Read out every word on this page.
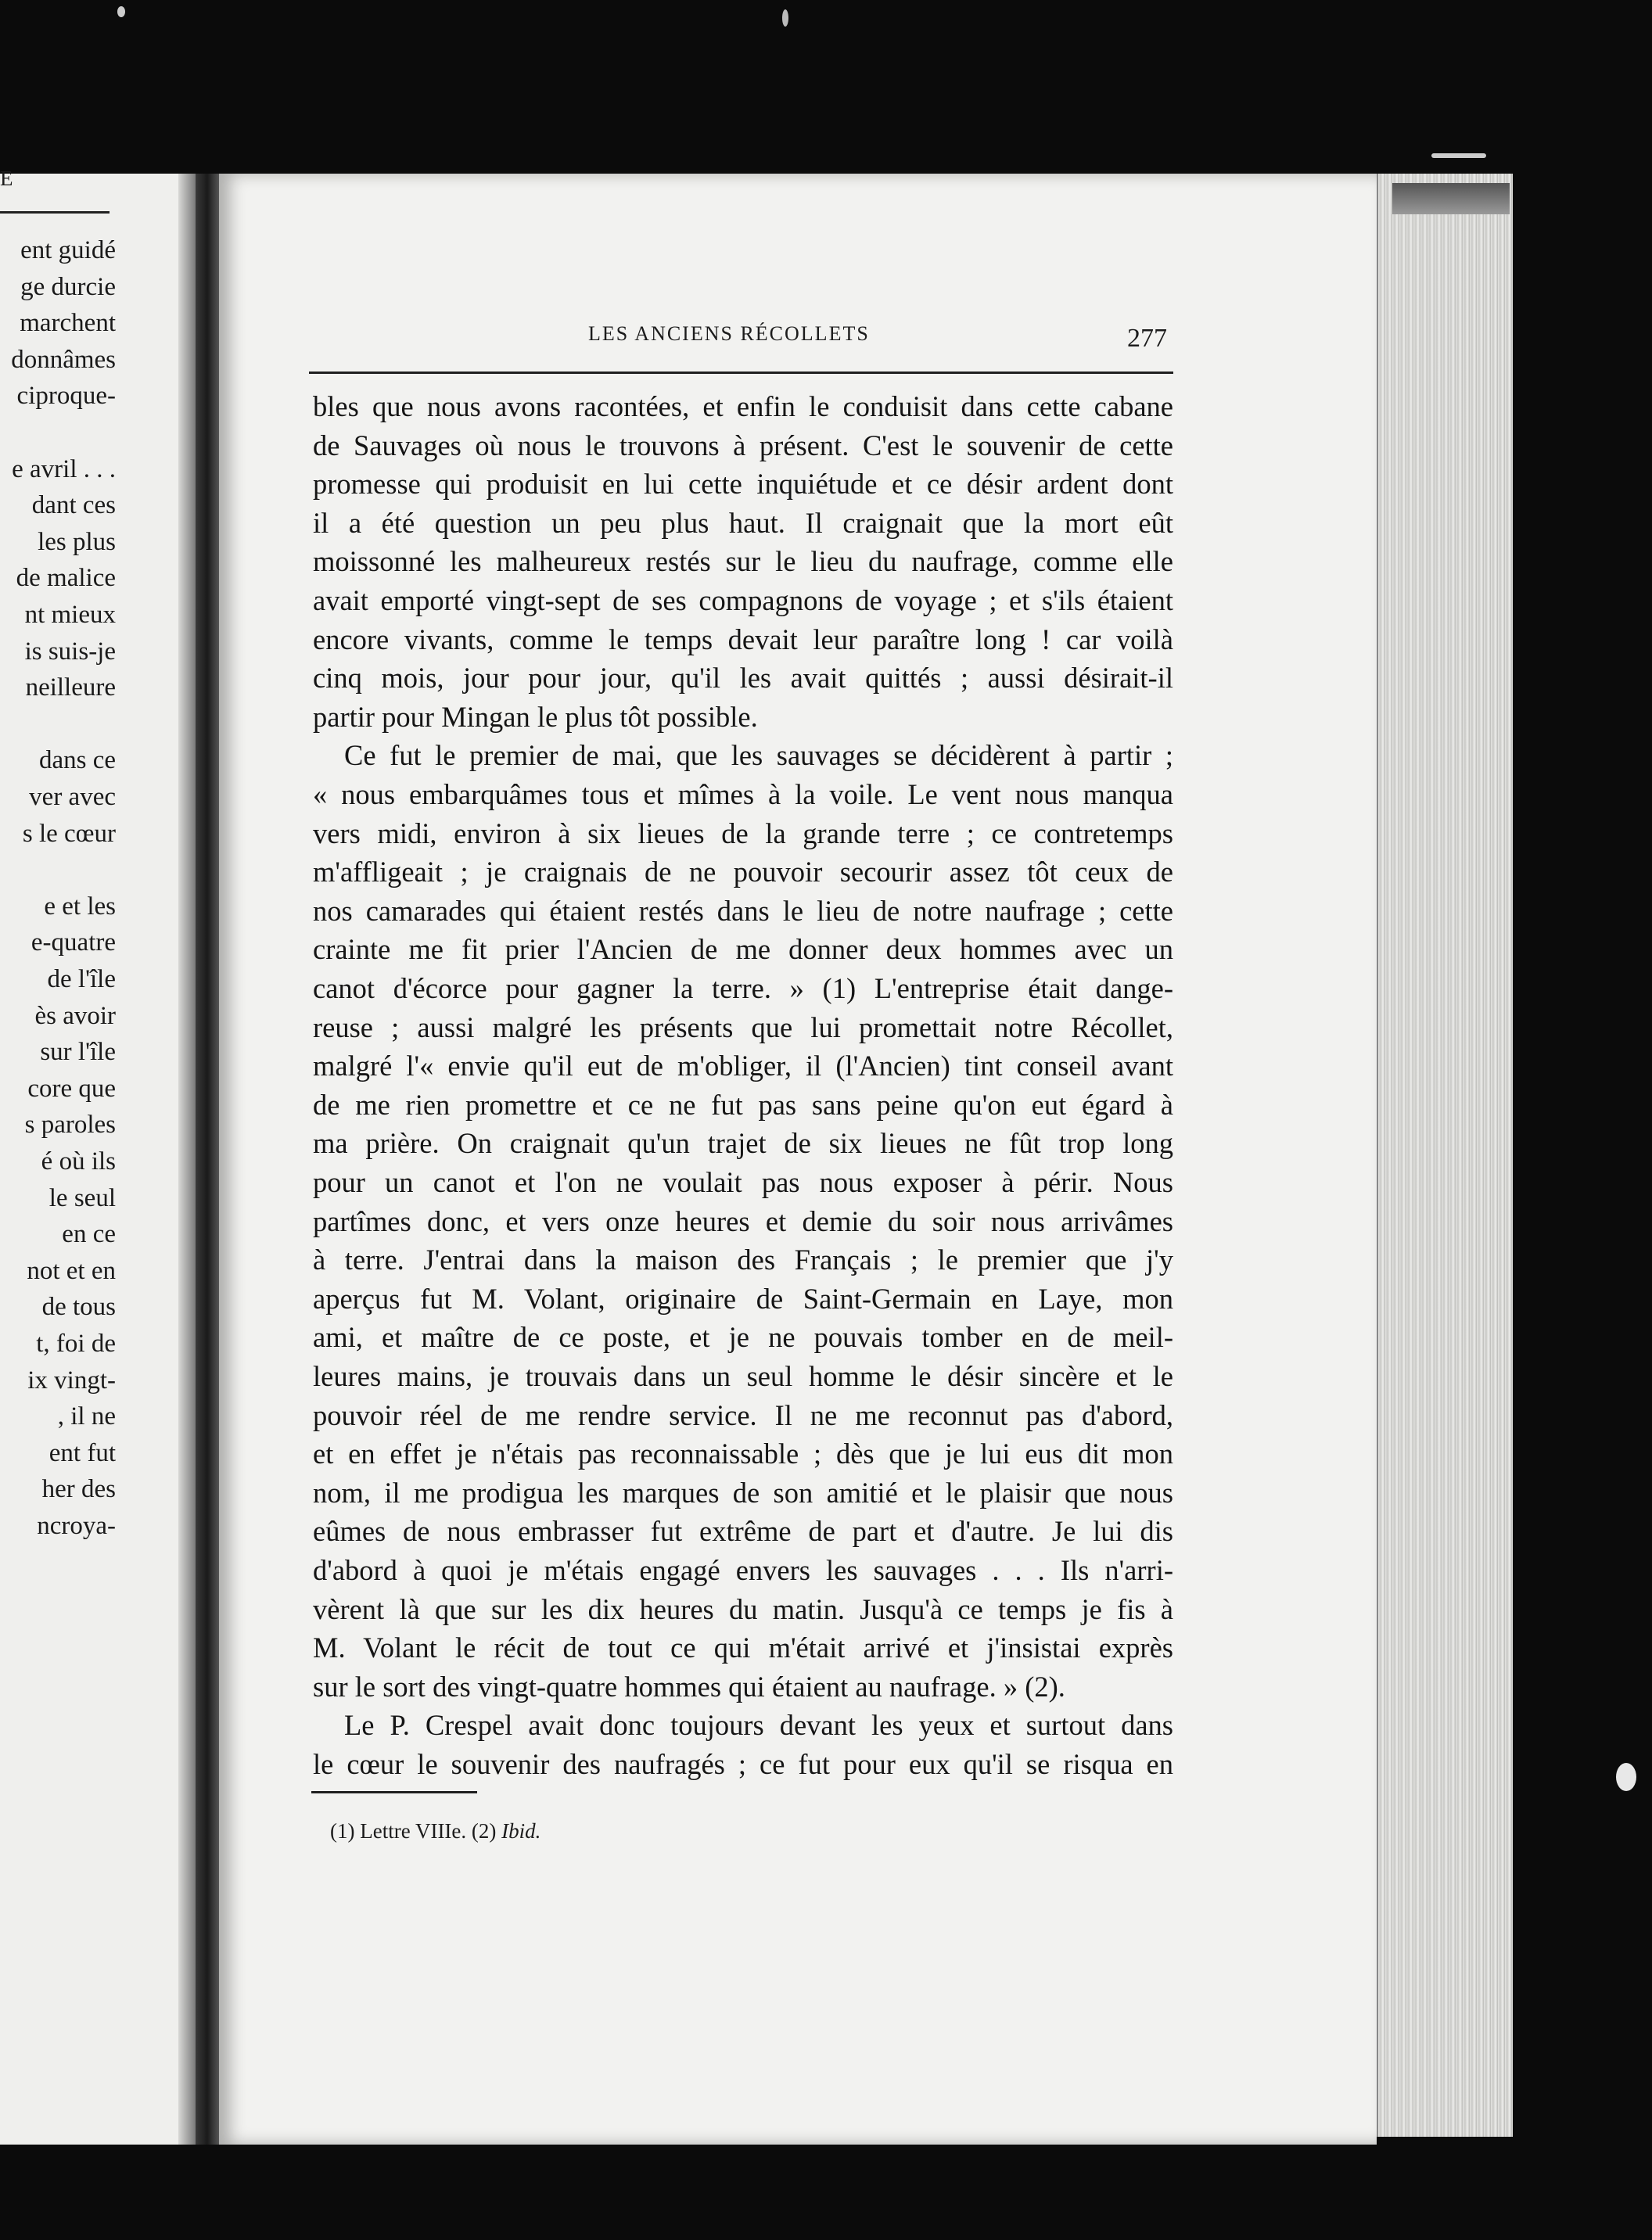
E
ent guidé
ge durcie
marchent
donnâmes
ciproque-
e avril . . .
dant ces
les plus
de malice
nt mieux
is suis-je
neilleure
dans ce
ver avec
s le cœur
e et les
e-quatre
de l'île
ès avoir
sur l'île
core que
s paroles
é où ils
le seul
en ce
not et en
de tous
t, foi de
ix vingt-
, il ne
ent fut
her des
ncroya-
LES ANCIENS RÉCOLLETS	277
bles que nous avons racontées, et enfin le conduisit dans cette cabane
de Sauvages où nous le trouvons à présent. C'est le souvenir de cette
promesse qui produisit en lui cette inquiétude et ce désir ardent dont
il a été question un peu plus haut. Il craignait que la mort eût
moissonné les malheureux restés sur le lieu du naufrage, comme elle
avait emporté vingt-sept de ses compagnons de voyage ; et s'ils étaient
encore vivants, comme le temps devait leur paraître long ! car voilà
cinq mois, jour pour jour, qu'il les avait quittés ; aussi désirait-il
partir pour Mingan le plus tôt possible.
Ce fut le premier de mai, que les sauvages se décidèrent à partir ;
« nous embarquâmes tous et mîmes à la voile. Le vent nous manqua
vers midi, environ à six lieues de la grande terre ; ce contretemps
m'affligeait ; je craignais de ne pouvoir secourir assez tôt ceux de
nos camarades qui étaient restés dans le lieu de notre naufrage ; cette
crainte me fit prier l'Ancien de me donner deux hommes avec un
canot d'écorce pour gagner la terre. » (1) L'entreprise était dange-
reuse ; aussi malgré les présents que lui promettait notre Récollet,
malgré l'« envie qu'il eut de m'obliger, il (l'Ancien) tint conseil avant
de me rien promettre et ce ne fut pas sans peine qu'on eut égard à
ma prière. On craignait qu'un trajet de six lieues ne fût trop long
pour un canot et l'on ne voulait pas nous exposer à périr. Nous
partîmes donc, et vers onze heures et demie du soir nous arrivâmes
à terre. J'entrai dans la maison des Français ; le premier que j'y
aperçus fut M. Volant, originaire de Saint-Germain en Laye, mon
ami, et maître de ce poste, et je ne pouvais tomber en de meil-
leures mains, je trouvais dans un seul homme le désir sincère et le
pouvoir réel de me rendre service. Il ne me reconnut pas d'abord,
et en effet je n'étais pas reconnaissable ; dès que je lui eus dit mon
nom, il me prodigua les marques de son amitié et le plaisir que nous
eûmes de nous embrasser fut extrême de part et d'autre. Je lui dis
d'abord à quoi je m'étais engagé envers les sauvages . . . Ils n'arri-
vèrent là que sur les dix heures du matin. Jusqu'à ce temps je fis à
M. Volant le récit de tout ce qui m'était arrivé et j'insistai exprès
sur le sort des vingt-quatre hommes qui étaient au naufrage. » (2).
Le P. Crespel avait donc toujours devant les yeux et surtout dans
le cœur le souvenir des naufragés ; ce fut pour eux qu'il se risqua en
(1) Lettre VIIIe. (2) Ibid.
